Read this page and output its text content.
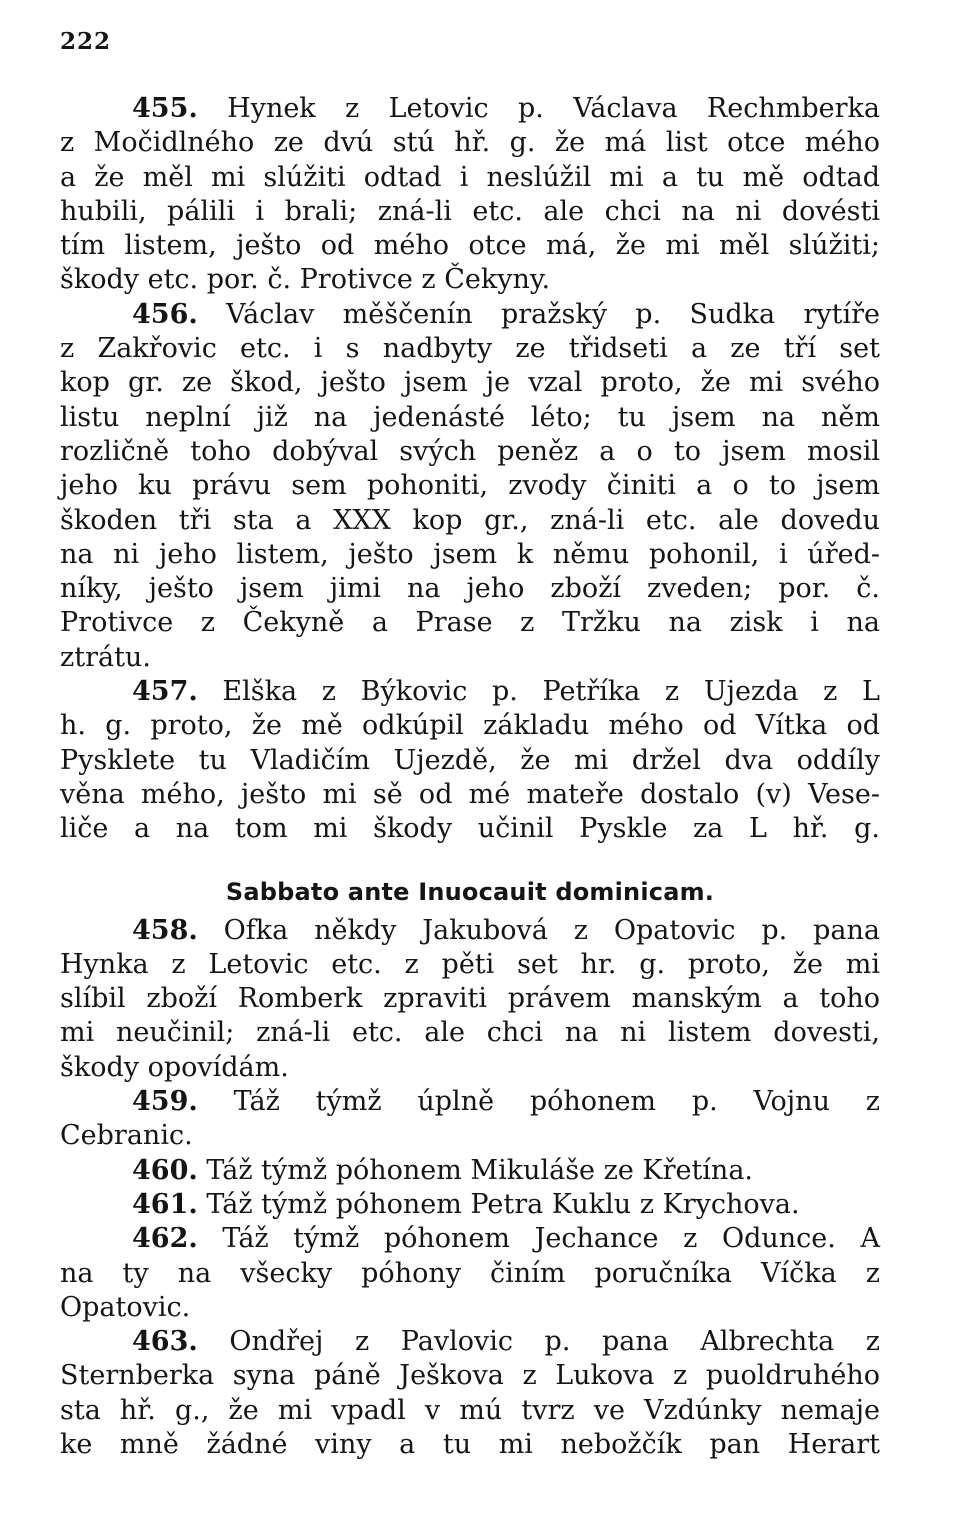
222
455. Hynek z Letovic p. Václava Rechmberka
z Močidlného ze dvú stú hř. g. že má list otce mého
a že měl mi slúžiti odtad i neslúžil mi a tu mě odtad
hubili, pálili i brali; zná-li etc. ale chci na ni dovésti
tím listem, ješto od mého otce má, že mi měl slúžiti;
škody etc. por. č. Protivce z Čekyny.
456. Václav měščenín pražský p. Sudka rytíře
z Zakřovic etc. i s nadbyty ze třidseti a ze tří set
kop gr. ze škod, ješto jsem je vzal proto, že mi svého
listu neplní již na jedenásté léto; tu jsem na něm
rozličně toho dobýval svých peněz a o to jsem mosil
jeho ku právu sem pohoniti, zvody činiti a o to jsem
škoden tři sta a XXX kop gr., zná-li etc. ale dovedu
na ni jeho listem, ješto jsem k němu pohonil, i úřed-
níky, ješto jsem jimi na jeho zboží zveden; por. č.
Protivce z Čekyně a Prase z Tržku na zisk i na
ztrátu.
457. Elška z Býkovic p. Petříka z Ujezda z L
h. g. proto, že mě odkúpil základu mého od Vítka od
Pysklete tu Vladičím Ujezdě, že mi držel dva oddíly
věna mého, ješto mi sě od mé mateře dostalo (v) Vese-
liče a na tom mi škody učinil Pyskle za L hř. g.
Sabbato ante Inuocauit dominicam.
458. Ofka někdy Jakubová z Opatovic p. pana
Hynka z Letovic etc. z pěti set hr. g. proto, že mi
slíbil zboží Romberk zpraviti právem manským a toho
mi neučinil; zná-li etc. ale chci na ni listem dovesti,
škody opovídám.
459. Táž týmž úplně póhonem p. Vojnu z
Cebranic.
460. Táž týmž póhonem Mikuláše ze Křetína.
461. Táž týmž póhonem Petra Kuklu z Krychova.
462. Táž týmž póhonem Jechance z Odunce. A
na ty na všecky póhony činím poručníka Víčka z
Opatovic.
463. Ondřej z Pavlovic p. pana Albrechta z
Sternberka syna páně Ješkova z Lukova z puoldruhého
sta hř. g., že mi vpadl v mú tvrz ve Vzdúnky nemaje
ke mně žádné viny a tu mi nebožčík pan Herart
